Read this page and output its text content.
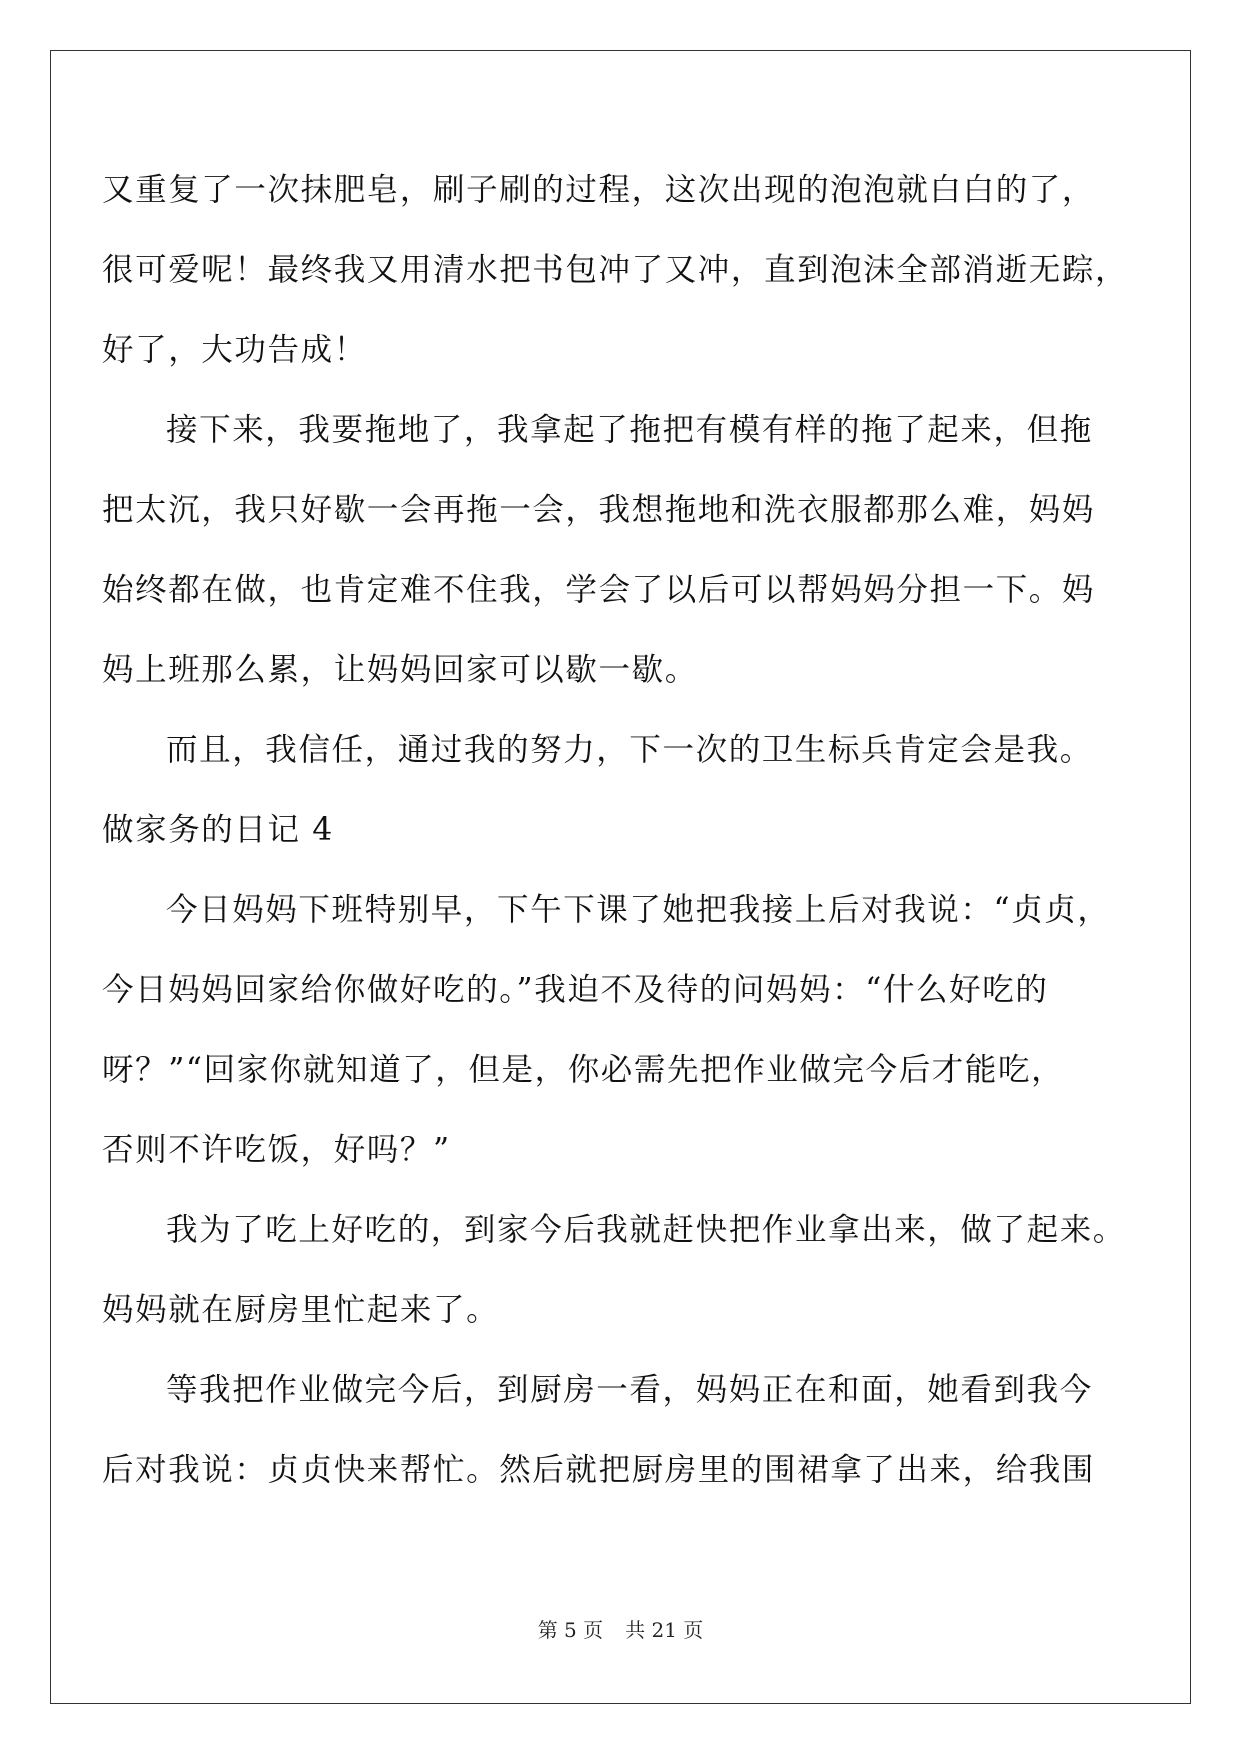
又重复了一次抹肥皂，刷子刷的过程，这次出现的泡泡就白白的了，
很可爱呢！最终我又用清水把书包冲了又冲，直到泡沫全部消逝无踪，
好了，大功告成！
接下来，我要拖地了，我拿起了拖把有模有样的拖了起来，但拖
把太沉，我只好歇一会再拖一会，我想拖地和洗衣服都那么难，妈妈
始终都在做，也肯定难不住我，学会了以后可以帮妈妈分担一下。妈
妈上班那么累，让妈妈回家可以歇一歇。
而且，我信任，通过我的努力，下一次的卫生标兵肯定会是我。
做家务的日记 4
今日妈妈下班特别早，下午下课了她把我接上后对我说：“贞贞，
今日妈妈回家给你做好吃的。”我迫不及待的问妈妈：“什么好吃的
呀？”“回家你就知道了，但是，你必需先把作业做完今后才能吃，
否则不许吃饭，好吗？”
我为了吃上好吃的，到家今后我就赶快把作业拿出来，做了起来。
妈妈就在厨房里忙起来了。
等我把作业做完今后，到厨房一看，妈妈正在和面，她看到我今
后对我说：贞贞快来帮忙。然后就把厨房里的围裙拿了出来，给我围
第 5 页 共 21 页
